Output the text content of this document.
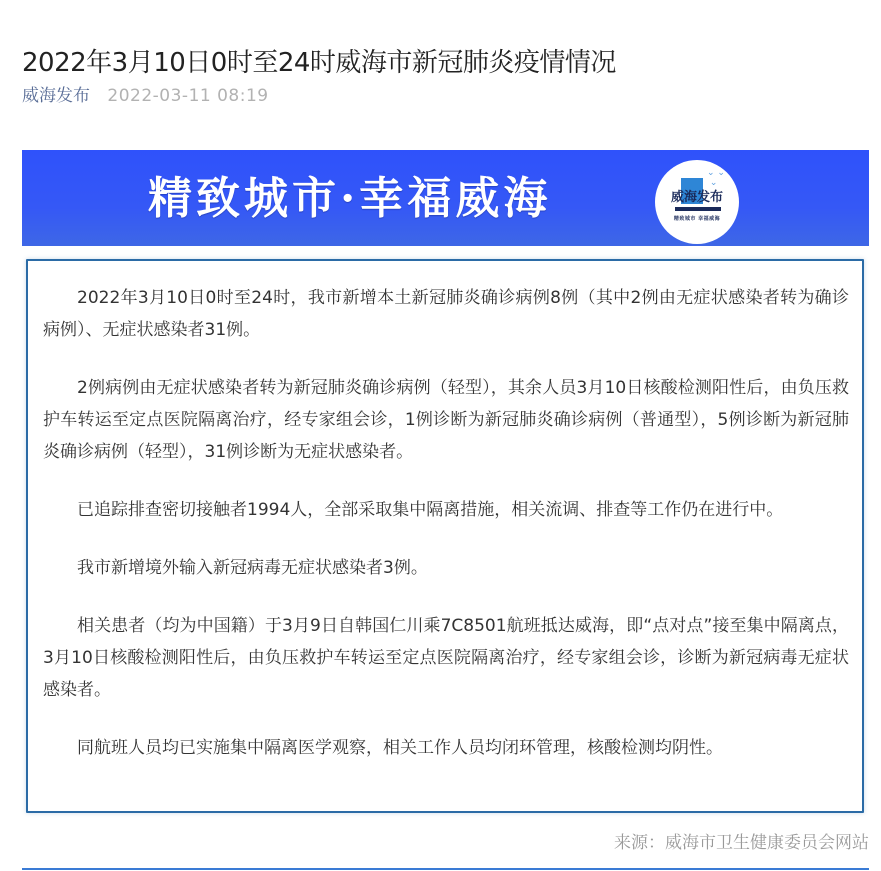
2022年3月10日0时至24时威海市新冠肺炎疫情情况
威海发布 2022-03-11 08:19
精致城市·幸福威海	⌄ ⌄
⌄
威海发布
精致城市 幸福威海

2022年3月10日0时至24时，我市新增本土新冠肺炎确诊病例8例（其中2例由无症状感染者转为确诊病例）、无症状感染者31例。

2例病例由无症状感染者转为新冠肺炎确诊病例（轻型），其余人员3月10日核酸检测阳性后，由负压救护车转运至定点医院隔离治疗，经专家组会诊，1例诊断为新冠肺炎确诊病例（普通型），5例诊断为新冠肺炎确诊病例（轻型），31例诊断为无症状感染者。

已追踪排查密切接触者1994人，全部采取集中隔离措施，相关流调、排查等工作仍在进行中。

我市新增境外输入新冠病毒无症状感染者3例。

相关患者（均为中国籍）于3月9日自韩国仁川乘7C8501航班抵达威海，即“点对点”接至集中隔离点，3月10日核酸检测阳性后，由负压救护车转运至定点医院隔离治疗，经专家组会诊，诊断为新冠病毒无症状感染者。

同航班人员均已实施集中隔离医学观察，相关工作人员均闭环管理，核酸检测均阴性。

来源：威海市卫生健康委员会网站
